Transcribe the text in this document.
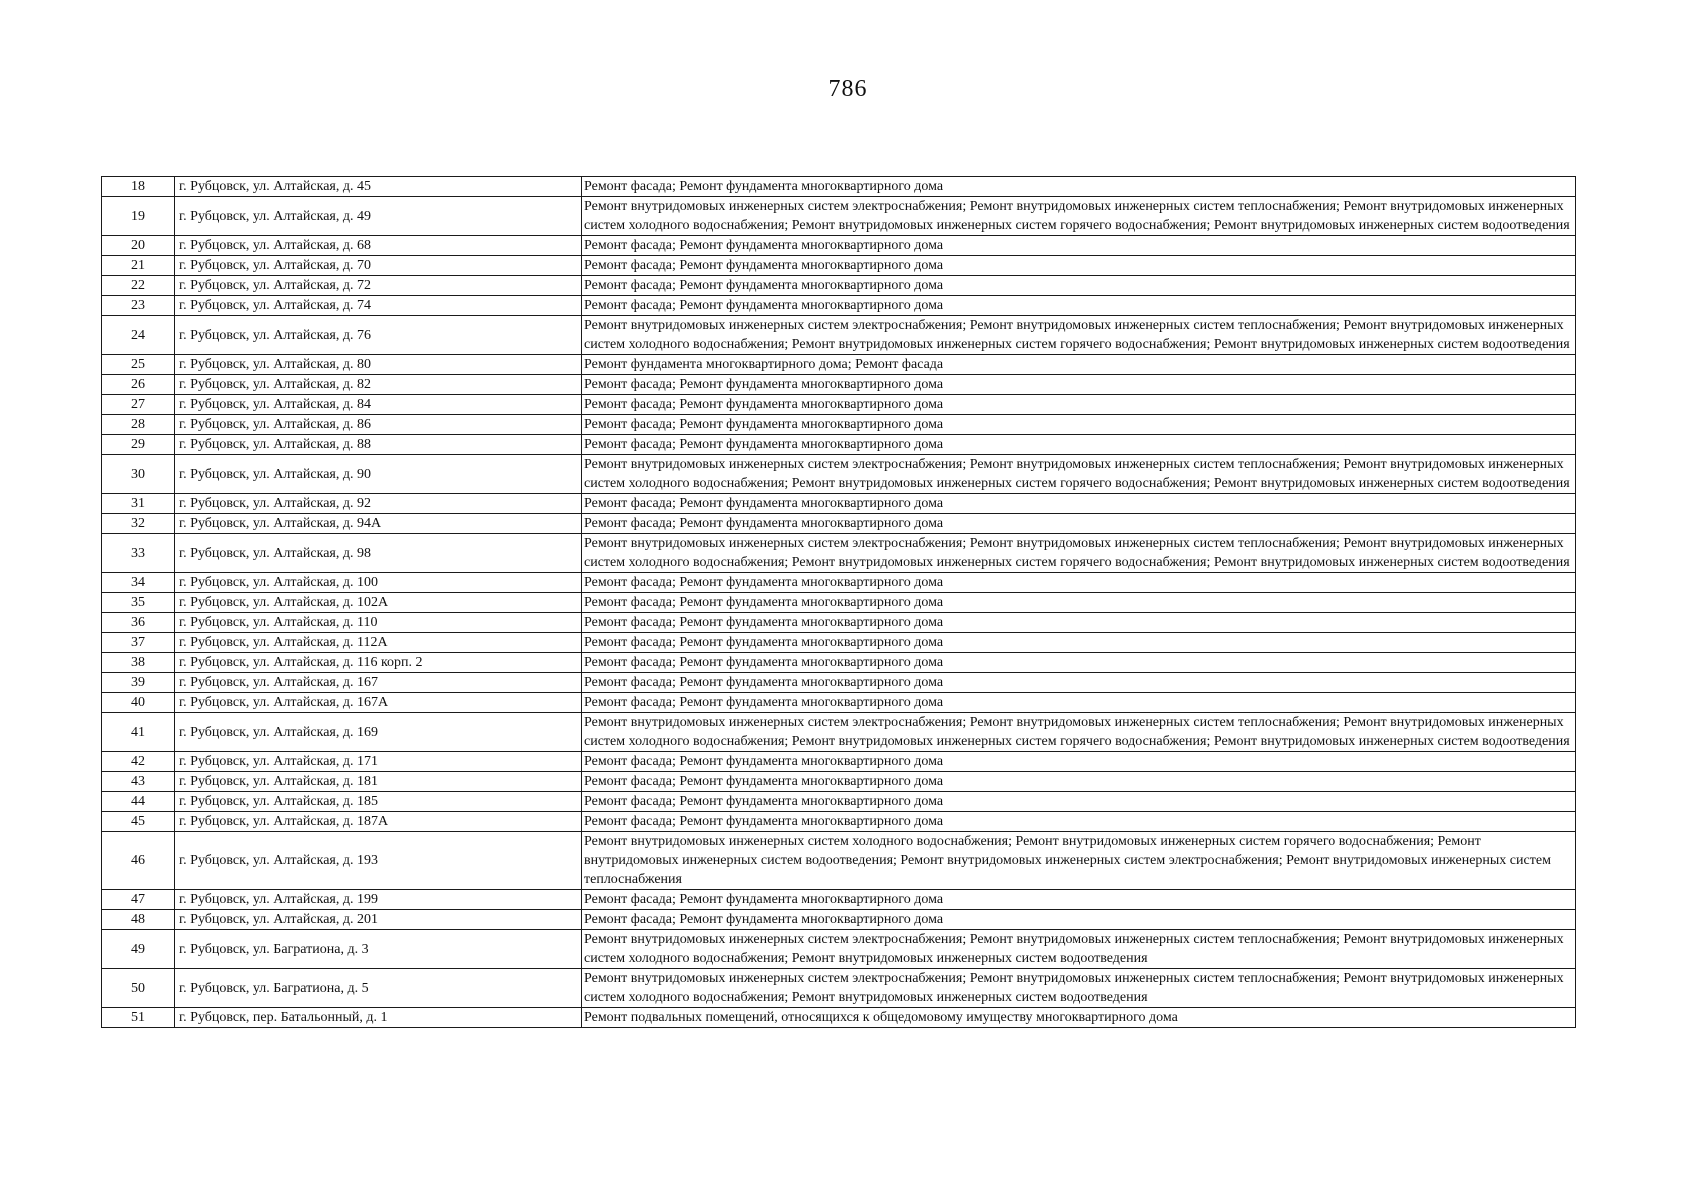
786
18	г. Рубцовск, ул. Алтайская, д. 45	Ремонт фасада; Ремонт фундамента многоквартирного дома
19	г. Рубцовск, ул. Алтайская, д. 49	Ремонт внутридомовых инженерных систем электроснабжения; Ремонт внутридомовых инженерных систем теплоснабжения; Ремонт внутридомовых инженерных систем холодного водоснабжения; Ремонт внутридомовых инженерных систем горячего водоснабжения; Ремонт внутридомовых инженерных систем водоотведения
20	г. Рубцовск, ул. Алтайская, д. 68	Ремонт фасада; Ремонт фундамента многоквартирного дома
21	г. Рубцовск, ул. Алтайская, д. 70	Ремонт фасада; Ремонт фундамента многоквартирного дома
22	г. Рубцовск, ул. Алтайская, д. 72	Ремонт фасада; Ремонт фундамента многоквартирного дома
23	г. Рубцовск, ул. Алтайская, д. 74	Ремонт фасада; Ремонт фундамента многоквартирного дома
24	г. Рубцовск, ул. Алтайская, д. 76	Ремонт внутридомовых инженерных систем электроснабжения; Ремонт внутридомовых инженерных систем теплоснабжения; Ремонт внутридомовых инженерных систем холодного водоснабжения; Ремонт внутридомовых инженерных систем горячего водоснабжения; Ремонт внутридомовых инженерных систем водоотведения
25	г. Рубцовск, ул. Алтайская, д. 80	Ремонт фундамента многоквартирного дома; Ремонт фасада
26	г. Рубцовск, ул. Алтайская, д. 82	Ремонт фасада; Ремонт фундамента многоквартирного дома
27	г. Рубцовск, ул. Алтайская, д. 84	Ремонт фасада; Ремонт фундамента многоквартирного дома
28	г. Рубцовск, ул. Алтайская, д. 86	Ремонт фасада; Ремонт фундамента многоквартирного дома
29	г. Рубцовск, ул. Алтайская, д. 88	Ремонт фасада; Ремонт фундамента многоквартирного дома
30	г. Рубцовск, ул. Алтайская, д. 90	Ремонт внутридомовых инженерных систем электроснабжения; Ремонт внутридомовых инженерных систем теплоснабжения; Ремонт внутридомовых инженерных систем холодного водоснабжения; Ремонт внутридомовых инженерных систем горячего водоснабжения; Ремонт внутридомовых инженерных систем водоотведения
31	г. Рубцовск, ул. Алтайская, д. 92	Ремонт фасада; Ремонт фундамента многоквартирного дома
32	г. Рубцовск, ул. Алтайская, д. 94А	Ремонт фасада; Ремонт фундамента многоквартирного дома
33	г. Рубцовск, ул. Алтайская, д. 98	Ремонт внутридомовых инженерных систем электроснабжения; Ремонт внутридомовых инженерных систем теплоснабжения; Ремонт внутридомовых инженерных систем холодного водоснабжения; Ремонт внутридомовых инженерных систем горячего водоснабжения; Ремонт внутридомовых инженерных систем водоотведения
34	г. Рубцовск, ул. Алтайская, д. 100	Ремонт фасада; Ремонт фундамента многоквартирного дома
35	г. Рубцовск, ул. Алтайская, д. 102А	Ремонт фасада; Ремонт фундамента многоквартирного дома
36	г. Рубцовск, ул. Алтайская, д. 110	Ремонт фасада; Ремонт фундамента многоквартирного дома
37	г. Рубцовск, ул. Алтайская, д. 112А	Ремонт фасада; Ремонт фундамента многоквартирного дома
38	г. Рубцовск, ул. Алтайская, д. 116 корп. 2	Ремонт фасада; Ремонт фундамента многоквартирного дома
39	г. Рубцовск, ул. Алтайская, д. 167	Ремонт фасада; Ремонт фундамента многоквартирного дома
40	г. Рубцовск, ул. Алтайская, д. 167А	Ремонт фасада; Ремонт фундамента многоквартирного дома
41	г. Рубцовск, ул. Алтайская, д. 169	Ремонт внутридомовых инженерных систем электроснабжения; Ремонт внутридомовых инженерных систем теплоснабжения; Ремонт внутридомовых инженерных систем холодного водоснабжения; Ремонт внутридомовых инженерных систем горячего водоснабжения; Ремонт внутридомовых инженерных систем водоотведения
42	г. Рубцовск, ул. Алтайская, д. 171	Ремонт фасада; Ремонт фундамента многоквартирного дома
43	г. Рубцовск, ул. Алтайская, д. 181	Ремонт фасада; Ремонт фундамента многоквартирного дома
44	г. Рубцовск, ул. Алтайская, д. 185	Ремонт фасада; Ремонт фундамента многоквартирного дома
45	г. Рубцовск, ул. Алтайская, д. 187А	Ремонт фасада; Ремонт фундамента многоквартирного дома
46	г. Рубцовск, ул. Алтайская, д. 193	Ремонт внутридомовых инженерных систем холодного водоснабжения; Ремонт внутридомовых инженерных систем горячего водоснабжения; Ремонт внутридомовых инженерных систем водоотведения; Ремонт внутридомовых инженерных систем электроснабжения; Ремонт внутридомовых инженерных систем теплоснабжения
47	г. Рубцовск, ул. Алтайская, д. 199	Ремонт фасада; Ремонт фундамента многоквартирного дома
48	г. Рубцовск, ул. Алтайская, д. 201	Ремонт фасада; Ремонт фундамента многоквартирного дома
49	г. Рубцовск, ул. Багратиона, д. 3	Ремонт внутридомовых инженерных систем электроснабжения; Ремонт внутридомовых инженерных систем теплоснабжения; Ремонт внутридомовых инженерных систем холодного водоснабжения; Ремонт внутридомовых инженерных систем водоотведения
50	г. Рубцовск, ул. Багратиона, д. 5	Ремонт внутридомовых инженерных систем электроснабжения; Ремонт внутридомовых инженерных систем теплоснабжения; Ремонт внутридомовых инженерных систем холодного водоснабжения; Ремонт внутридомовых инженерных систем водоотведения
51	г. Рубцовск, пер. Батальонный, д. 1	Ремонт подвальных помещений, относящихся к общедомовому имуществу многоквартирного дома
